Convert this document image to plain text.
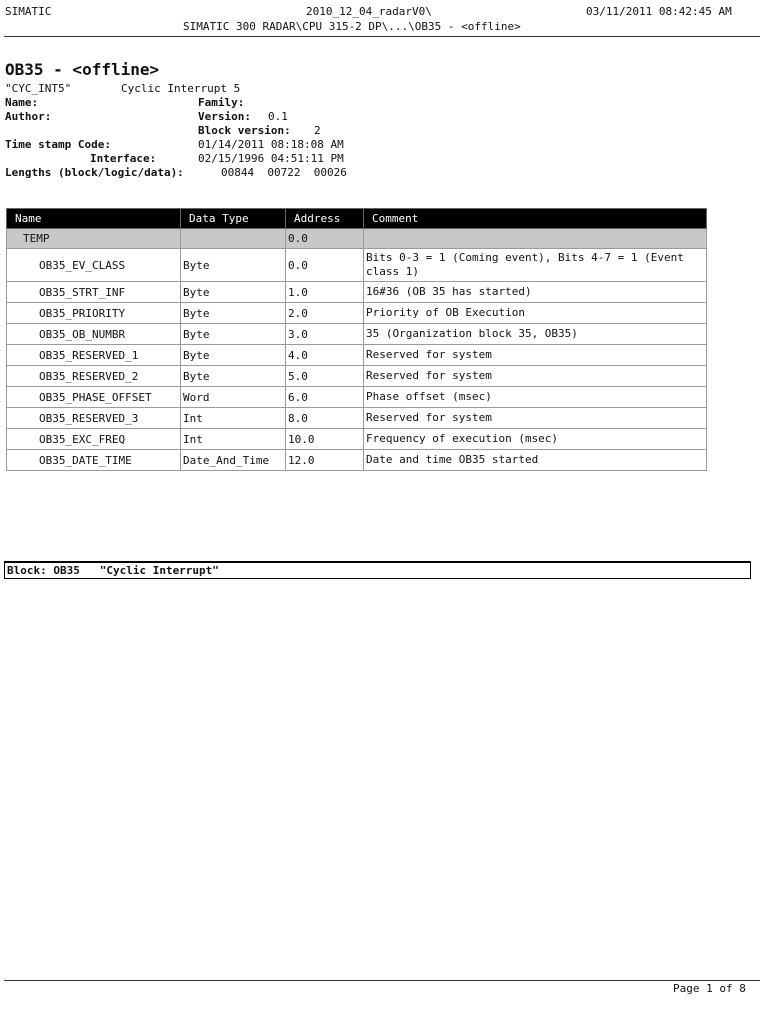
SIMATIC	2010_12_04_radarV0\	03/11/2011 08:42:45 AM
SIMATIC 300 RADAR\CPU 315-2 DP\...\OB35 - <offline>
OB35 - <offline>
"CYC_INT5"	Cyclic Interrupt 5
Name:	Family:
Author:	Version: 0.1
Block version: 2
Time stamp Code:	01/14/2011 08:18:08 AM
Interface:	02/15/1996 04:51:11 PM
Lengths (block/logic/data):	00844  00722  00026
Name	Data Type	Address	Comment
TEMP		0.0	
OB35_EV_CLASS	Byte	0.0	Bits 0-3 = 1 (Coming event), Bits 4-7 = 1 (Event class 1)
OB35_STRT_INF	Byte	1.0	16#36 (OB 35 has started)
OB35_PRIORITY	Byte	2.0	Priority of OB Execution
OB35_OB_NUMBR	Byte	3.0	35 (Organization block 35, OB35)
OB35_RESERVED_1	Byte	4.0	Reserved for system
OB35_RESERVED_2	Byte	5.0	Reserved for system
OB35_PHASE_OFFSET	Word	6.0	Phase offset (msec)
OB35_RESERVED_3	Int	8.0	Reserved for system
OB35_EXC_FREQ	Int	10.0	Frequency of execution (msec)
OB35_DATE_TIME	Date_And_Time	12.0	Date and time OB35 started
Block: OB35   "Cyclic Interrupt"
Page 1 of 8
